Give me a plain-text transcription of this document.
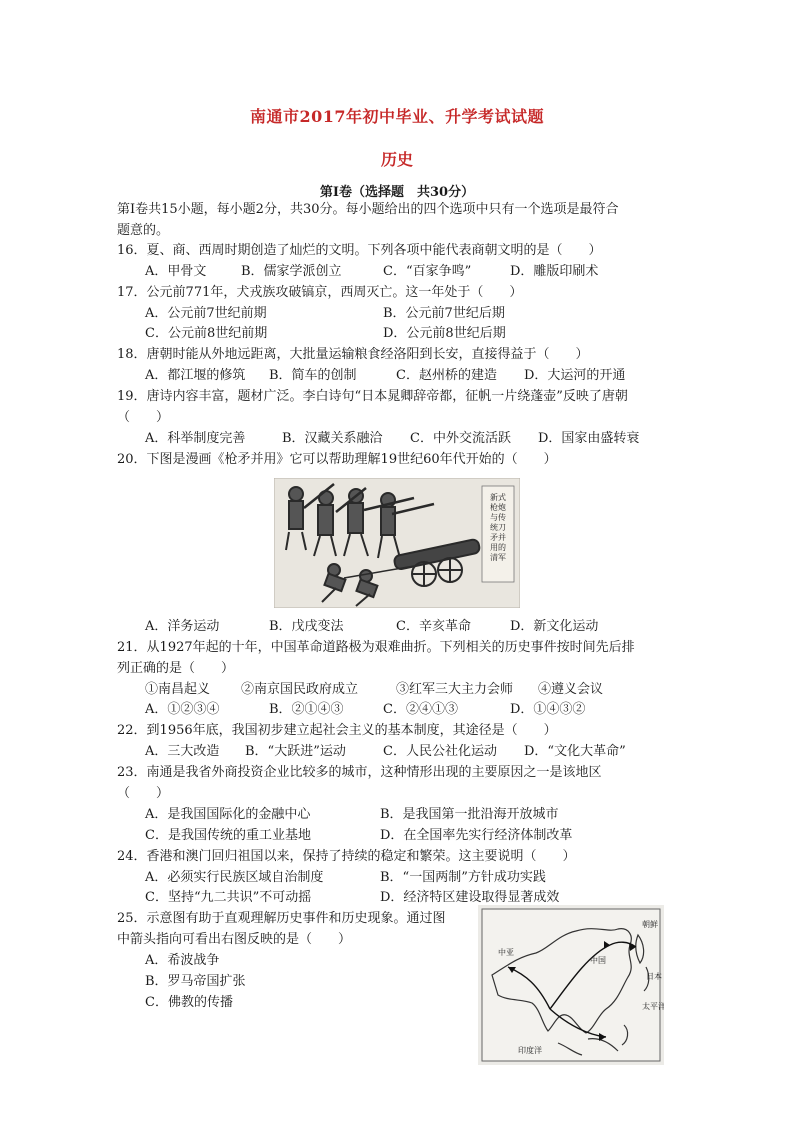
南通市2017年初中毕业、升学考试试题
历史
第Ⅰ卷（选择题　共30分）
第Ⅰ卷共15小题，每小题2分，共30分。每小题给出的四个选项中只有一个选项是最符合
题意的。
16．夏、商、西周时期创造了灿烂的文明。下列各项中能代表商朝文明的是（　　）
A．甲骨文	B．儒家学派创立	C．“百家争鸣”	D．雕版印刷术
17．公元前771年，犬戎族攻破镐京，西周灭亡。这一年处于（　　）
A．公元前7世纪前期	B．公元前7世纪后期
C．公元前8世纪前期	D．公元前8世纪后期
18．唐朝时能从外地远距离，大批量运输粮食经洛阳到长安，直接得益于（　　）
A．都江堰的修筑 B．简车的创制	C．赵州桥的建造 D．大运河的开通
19．唐诗内容丰富，题材广泛。李白诗句“日本晁卿辞帝都，征帆一片绕蓬壶”反映了唐朝
（　　）
A．科举制度完善	B．汉藏关系融洽 C．中外交流活跃 D．国家由盛转衰
20．下图是漫画《枪矛并用》它可以帮助理解19世纪60年代开始的（　　）
新式枪炮与传统刀矛并用的清军
A．洋务运动	B．戊戌变法	C．辛亥革命	D．新文化运动
21．从1927年起的十年，中国革命道路极为艰难曲折。下列相关的历史事件按时间先后排
列正确的是（　　）
①南昌起义 ②南京国民政府成立	③红军三大主力会师 ④遵义会议
A．①②③④	B．②①④③	C．②④①③	D．①④③②
22．到1956年底，我国初步建立起社会主义的基本制度，其途径是（　　）
A．三大改造 B．“大跃进”运动	C．人民公社化运动 D．“文化大革命”
23．南通是我省外商投资企业比较多的城市，这种情形出现的主要原因之一是该地区
（　　）
A．是我国国际化的金融中心	B．是我国第一批沿海开放城市
C．是我国传统的重工业基地	D．在全国率先实行经济体制改革
24．香港和澳门回归祖国以来，保持了持续的稳定和繁荣。这主要说明（　　）
A．必须实行民族区域自治制度	B．“一国两制”方针成功实践
C．坚持“九二共识”不可动摇	D．经济特区建设取得显著成效
25．示意图有助于直观理解历史事件和历史现象。通过图
中箭头指向可看出右图反映的是（　　）
A．希波战争
B．罗马帝国扩张
C．佛教的传播
中国
中亚
印度洋
朝鲜
日本
太平洋
